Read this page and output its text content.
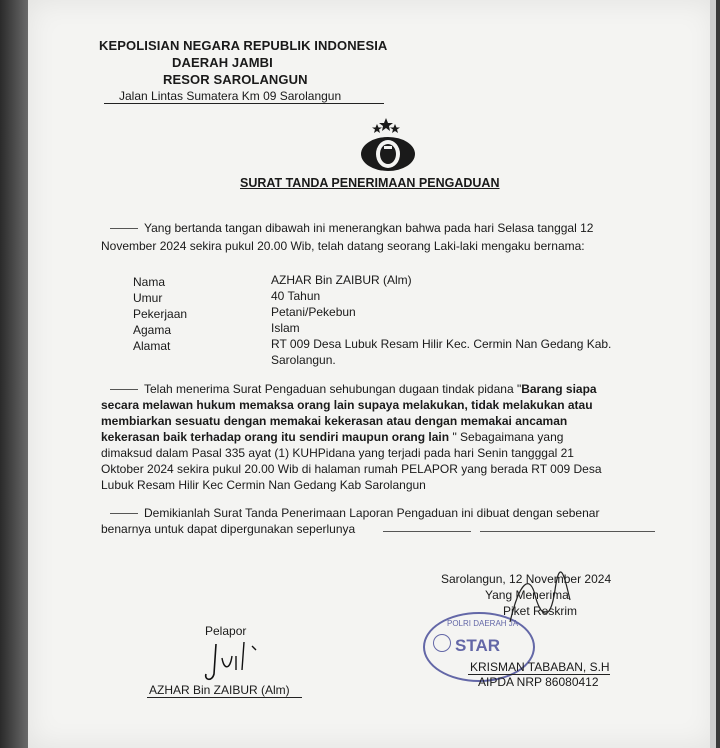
KEPOLISIAN NEGARA REPUBLIK INDONESIA
DAERAH JAMBI
RESOR SAROLANGUN
Jalan Lintas Sumatera Km 09 Sarolangun
SURAT TANDA PENERIMAAN PENGADUAN
Yang bertanda tangan dibawah ini menerangkan bahwa pada hari Selasa tanggal 12
November 2024 sekira pukul 20.00 Wib, telah datang seorang Laki-laki mengaku bernama:
Nama	AZHAR Bin ZAIBUR (Alm)
Umur	40 Tahun
Pekerjaan	Petani/Pekebun
Agama	Islam
Alamat	RT 009 Desa Lubuk Resam Hilir Kec. Cermin Nan Gedang Kab.
Sarolangun.
Telah menerima Surat Pengaduan sehubungan dugaan tindak pidana "Barang siapa
secara melawan hukum memaksa orang lain supaya melakukan, tidak melakukan atau
membiarkan sesuatu dengan memakai kekerasan atau dengan memakai ancaman
kekerasan baik terhadap orang itu sendiri maupun orang lain " Sebagaimana yang
dimaksud dalam Pasal 335 ayat (1) KUHPidana yang terjadi pada hari Senin tangggal 21
Oktober 2024 sekira pukul 20.00 Wib di halaman rumah PELAPOR yang berada RT 009 Desa
Lubuk Resam Hilir Kec Cermin Nan Gedang Kab Sarolangun
Demikianlah Surat Tanda Penerimaan Laporan Pengaduan ini dibuat dengan sebenar
benarnya untuk dapat dipergunakan seperlunya
Sarolangun, 12 November 2024
Yang Menerima
Piket Reskrim
POLRI DAERAH JA
STAR
KRISMAN TABABAN, S.H
AIPDA NRP 86080412
Pelapor
AZHAR Bin ZAIBUR (Alm)
